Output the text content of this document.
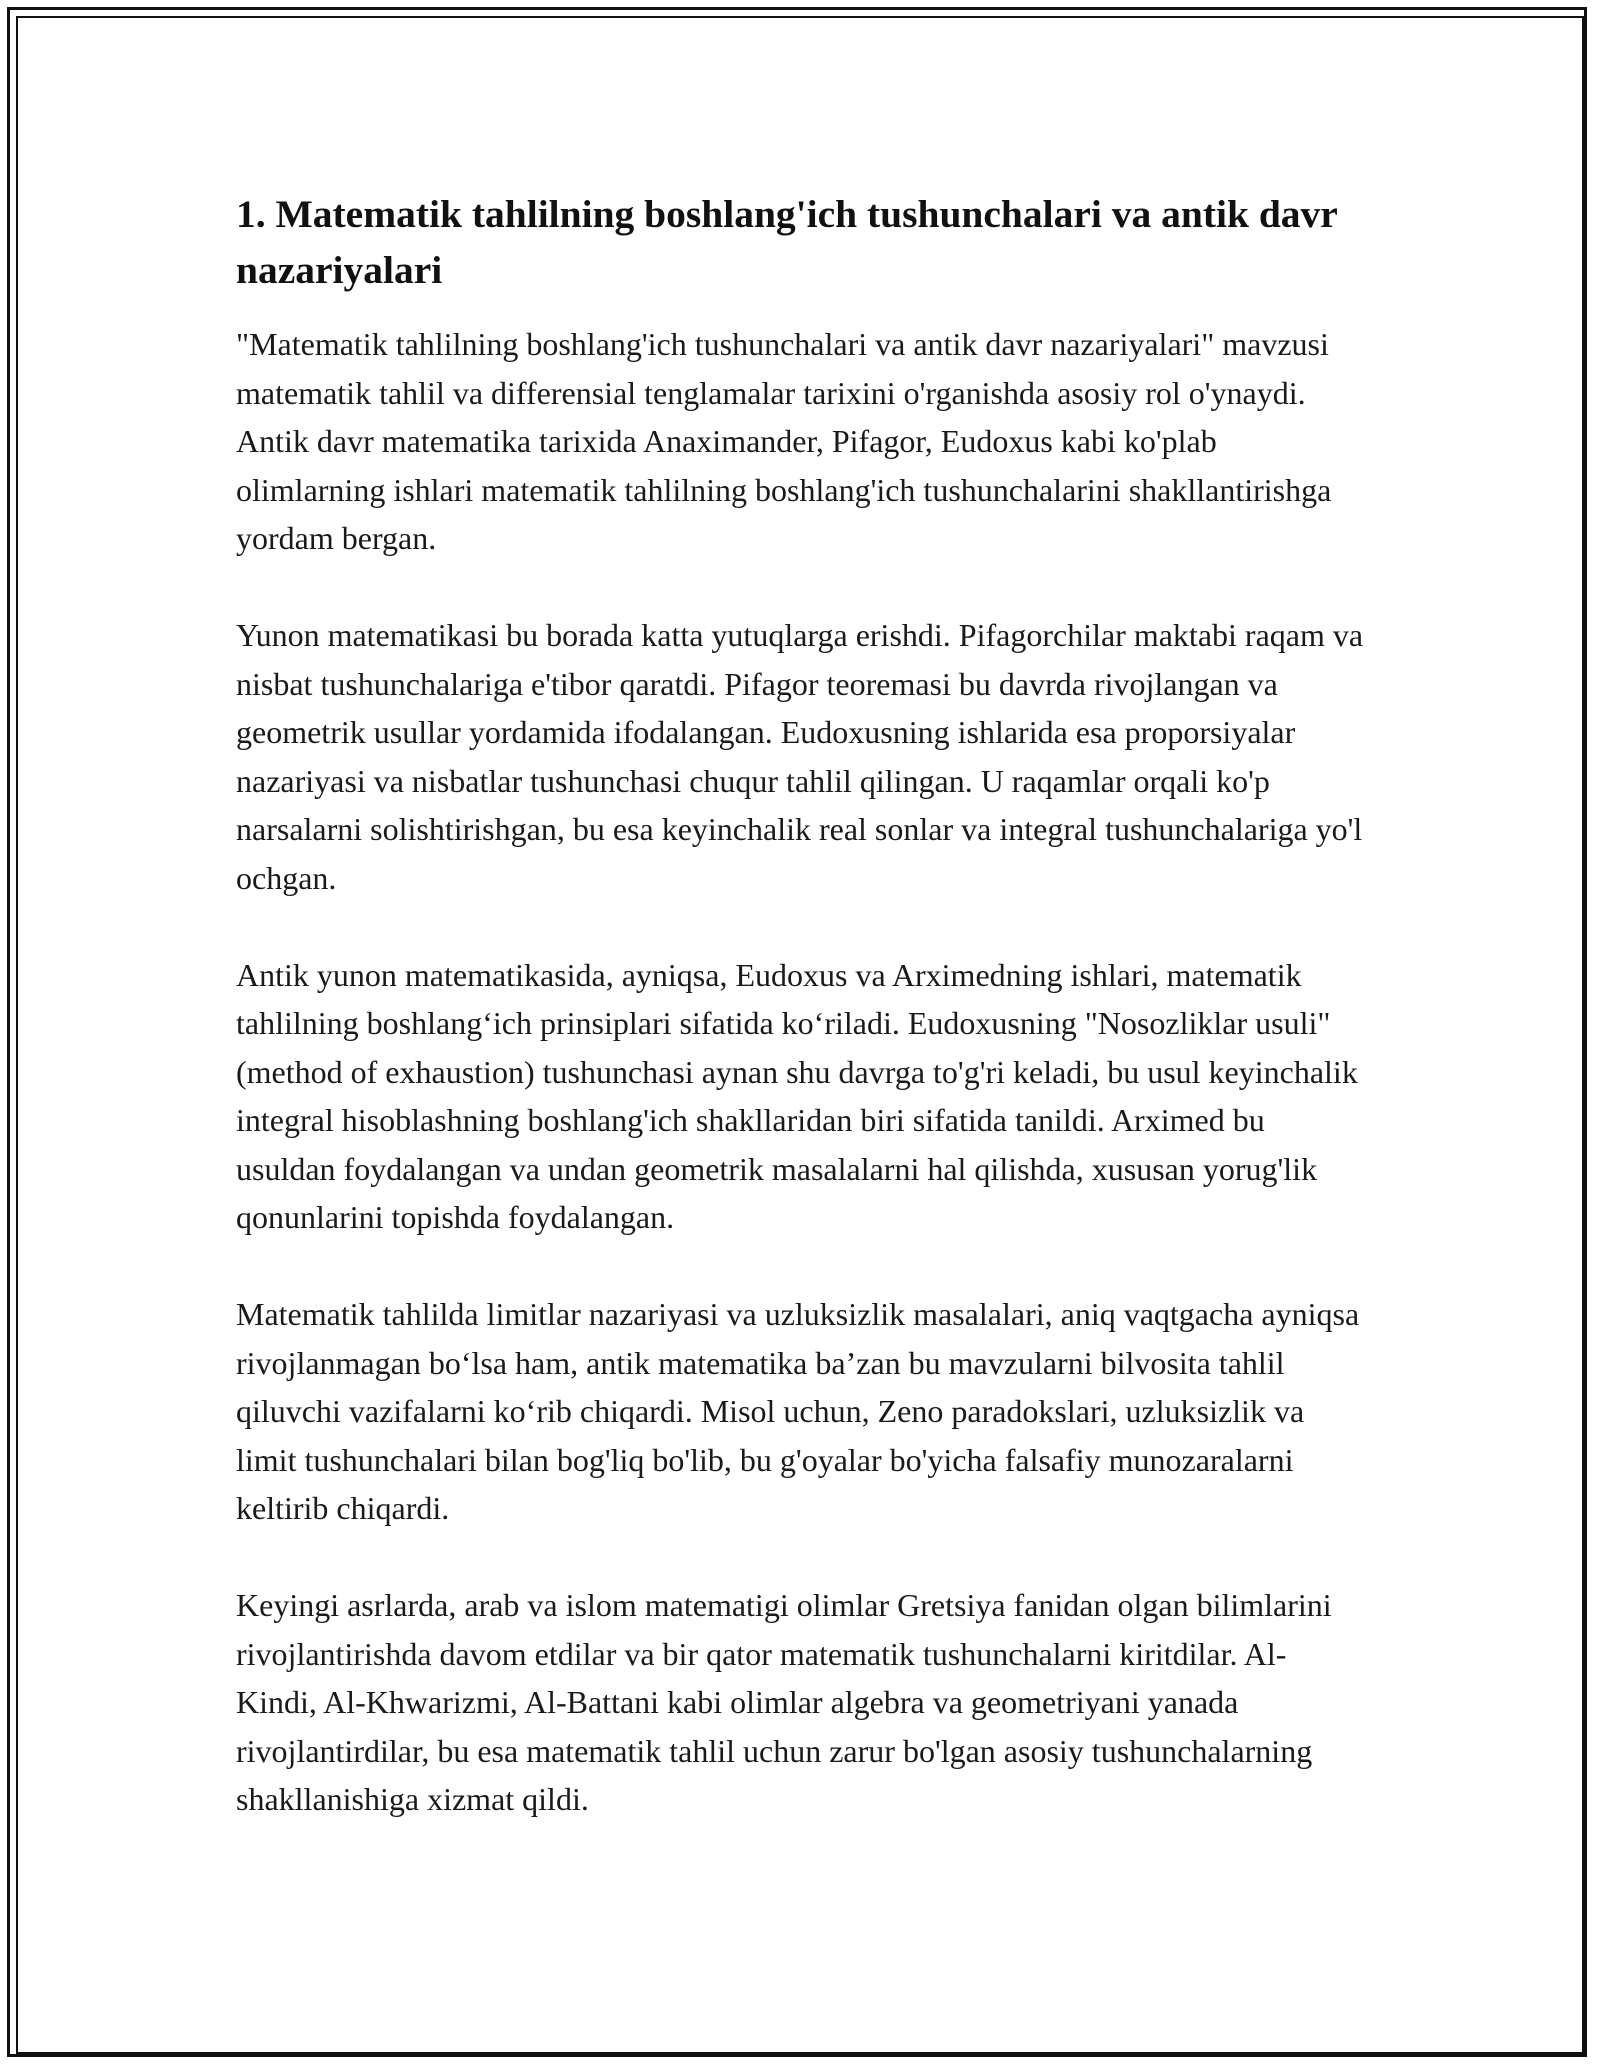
1. Matematik tahlilning boshlang'ich tushunchalari va antik davr nazariyalari

"Matematik tahlilning boshlang'ich tushunchalari va antik davr nazariyalari" mavzusi matematik tahlil va differensial tenglamalar tarixini o'rganishda asosiy rol o'ynaydi. Antik davr matematika tarixida Anaximander, Pifagor, Eudoxus kabi ko'plab olimlarning ishlari matematik tahlilning boshlang'ich tushunchalarini shakllantirishga yordam bergan.

Yunon matematikasi bu borada katta yutuqlarga erishdi. Pifagorchilar maktabi raqam va nisbat tushunchalariga e'tibor qaratdi. Pifagor teoremasi bu davrda rivojlangan va geometrik usullar yordamida ifodalangan. Eudoxusning ishlarida esa proporsiyalar nazariyasi va nisbatlar tushunchasi chuqur tahlil qilingan. U raqamlar orqali ko'p narsalarni solishtirishgan, bu esa keyinchalik real sonlar va integral tushunchalariga yo'l ochgan.

Antik yunon matematikasida, ayniqsa, Eudoxus va Arximedning ishlari, matematik tahlilning boshlang‘ich prinsiplari sifatida ko‘riladi. Eudoxusning "Nosozliklar usuli" (method of exhaustion) tushunchasi aynan shu davrga to'g'ri keladi, bu usul keyinchalik integral hisoblashning boshlang'ich shakllaridan biri sifatida tanildi. Arximed bu usuldan foydalangan va undan geometrik masalalarni hal qilishda, xususan yorug'lik qonunlarini topishda foydalangan.

Matematik tahlilda limitlar nazariyasi va uzluksizlik masalalari, aniq vaqtgacha ayniqsa rivojlanmagan bo‘lsa ham, antik matematika ba’zan bu mavzularni bilvosita tahlil qiluvchi vazifalarni ko‘rib chiqardi. Misol uchun, Zeno paradokslari, uzluksizlik va limit tushunchalari bilan bog'liq bo'lib, bu g'oyalar bo'yicha falsafiy munozaralarni keltirib chiqardi.

Keyingi asrlarda, arab va islom matematigi olimlar Gretsiya fanidan olgan bilimlarini rivojlantirishda davom etdilar va bir qator matematik tushunchalarni kiritdilar. Al-Kindi, Al-Khwarizmi, Al-Battani kabi olimlar algebra va geometriyani yanada rivojlantirdilar, bu esa matematik tahlil uchun zarur bo'lgan asosiy tushunchalarning shakllanishiga xizmat qildi.
